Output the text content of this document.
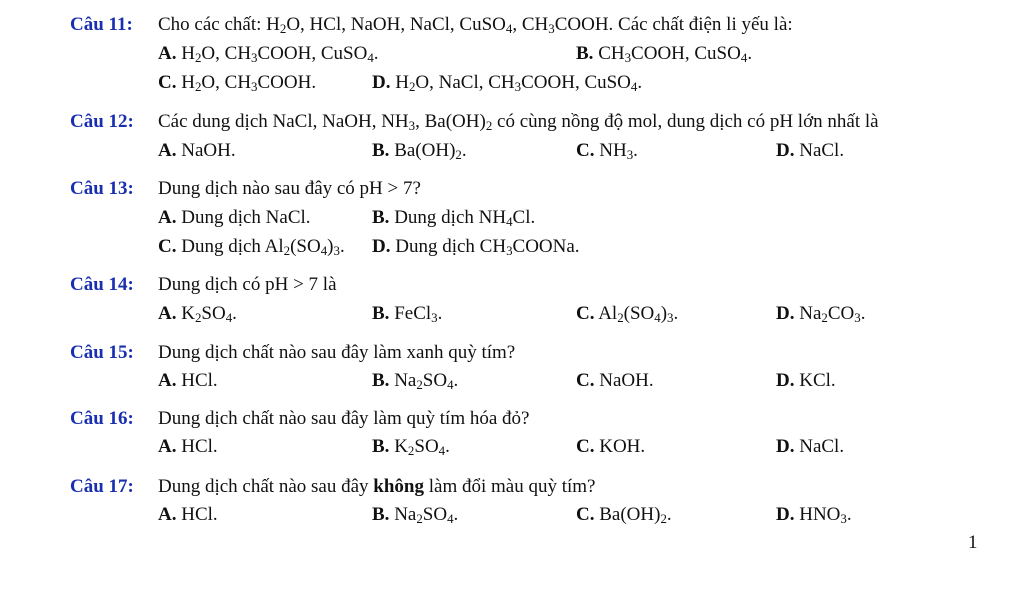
Câu 11: Cho các chất: $H_2O$, HCl, NaOH, NaCl, CuSO$_4$, $CH_3COOH$. Các chất điện li yếu là:
A. $H_2O$, $CH_3COOH$, CuSO$_4$.	B. $CH_3COOH$, CuSO$_4$.
C. $H_2O$, $CH_3COOH$.	D. $H_2O$, NaCl, $CH_3COOH$, CuSO$_4$.
Câu 12: Các dung dịch NaCl, NaOH, $NH_3$, $Ba(OH)_2$ có cùng nồng độ mol, dung dịch có pH lớn nhất là
A. NaOH.	B. $Ba(OH)_2$.	C. $NH_3$.	D. NaCl.
Câu 13: Dung dịch nào sau đây có pH > 7?
A. Dung dịch NaCl.	B. Dung dịch $NH_4Cl$.
C. Dung dịch $Al_2(SO_4)_3$. D. Dung dịch $CH_3COONa$.
Câu 14: Dung dịch có pH > 7 là
A. $K_2SO_4$.	B. FeCl$_3$.	C. $Al_2(SO_4)_3$.	D. $Na_2CO_3$.
Câu 15: Dung dịch chất nào sau đây làm xanh quỳ tím?
A. HCl.	B. $Na_2SO_4$.	C. NaOH.	D. KCl.
Câu 16: Dung dịch chất nào sau đây làm quỳ tím hóa đỏ?
A. HCl.	B. $K_2SO_4$.	C. KOH.	D. NaCl.
Câu 17: Dung dịch chất nào sau đây không làm đổi màu quỳ tím?
A. HCl.	B. $Na_2SO_4$.	C. $Ba(OH)_2$.	D. $HNO_3$.
1
